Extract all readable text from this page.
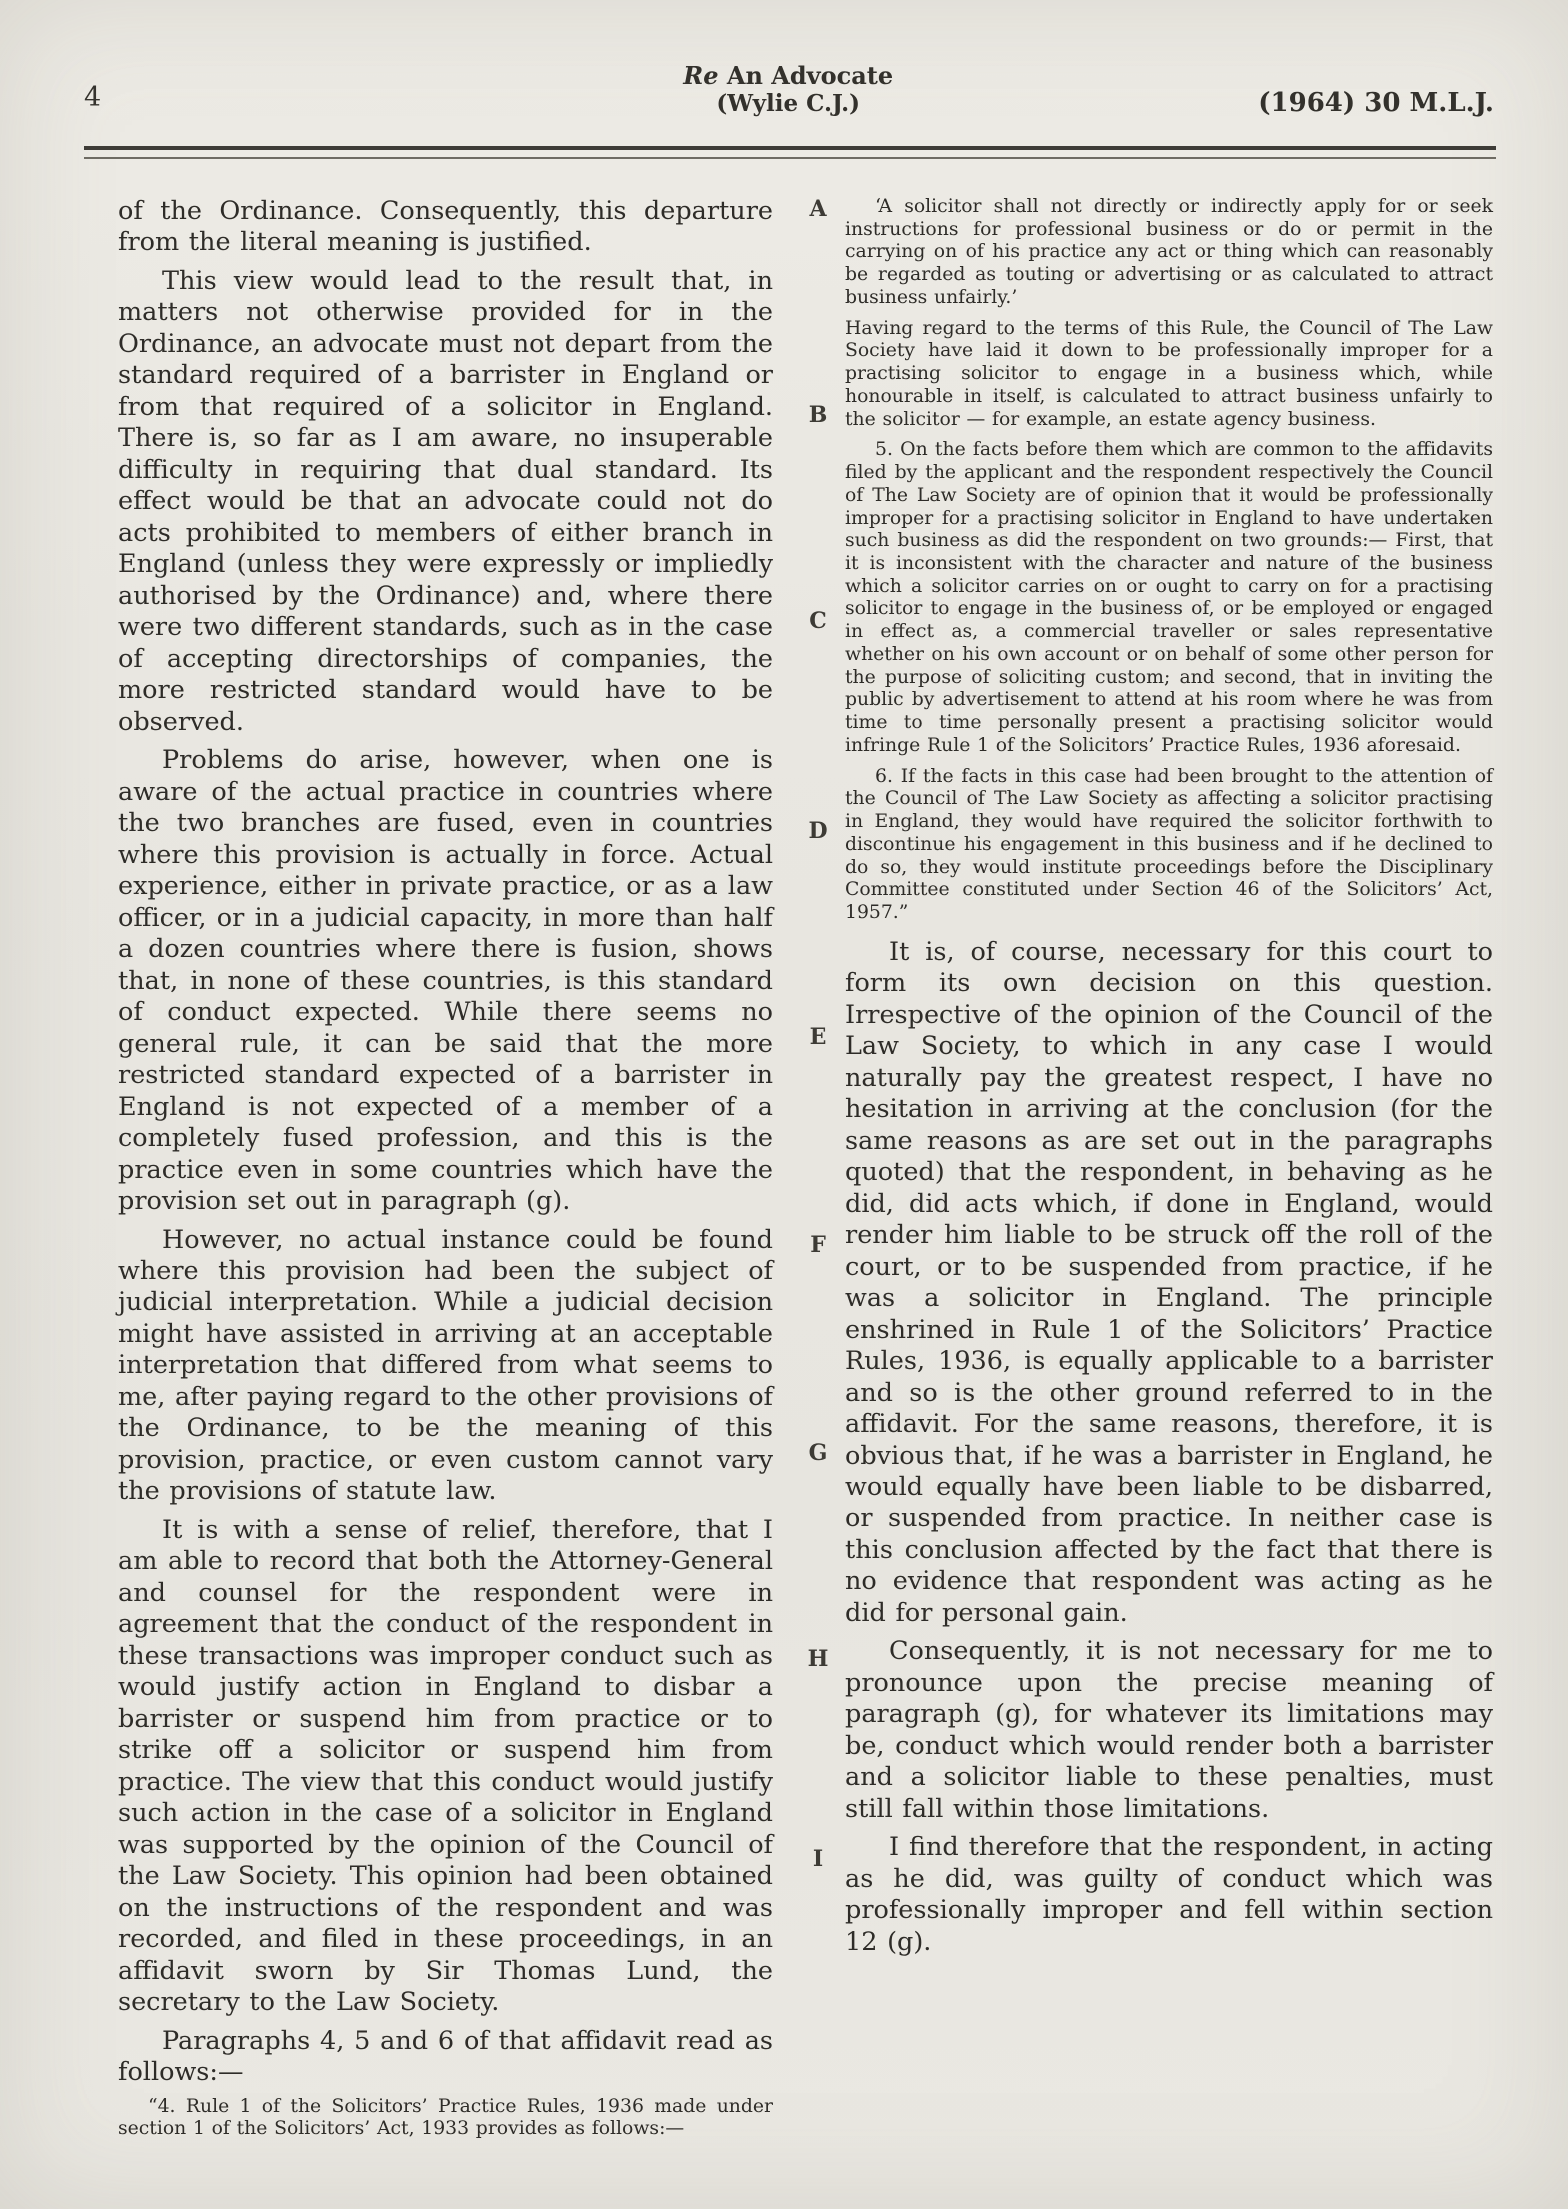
4
Re An Advocate
(Wylie C.J.)	(1964) 30 M.L.J.

of the Ordinance. Consequently, this departure from the literal meaning is justified.

This view would lead to the result that, in matters not otherwise provided for in the Ordinance, an advocate must not depart from the standard required of a barrister in England or from that required of a solicitor in England. There is, so far as I am aware, no insuperable difficulty in requiring that dual standard. Its effect would be that an advocate could not do acts prohibited to members of either branch in England (unless they were expressly or impliedly authorised by the Ordinance) and, where there were two different standards, such as in the case of accepting directorships of companies, the more restricted standard would have to be observed.

Problems do arise, however, when one is aware of the actual practice in countries where the two branches are fused, even in countries where this provision is actually in force. Actual experience, either in private practice, or as a law officer, or in a judicial capacity, in more than half a dozen countries where there is fusion, shows that, in none of these countries, is this standard of conduct expected. While there seems no general rule, it can be said that the more restricted standard expected of a barrister in England is not expected of a member of a completely fused profession, and this is the practice even in some countries which have the provision set out in paragraph (g).

However, no actual instance could be found where this provision had been the subject of judicial interpretation. While a judicial decision might have assisted in arriving at an acceptable interpretation that differed from what seems to me, after paying regard to the other provisions of the Ordinance, to be the meaning of this provision, practice, or even custom cannot vary the provisions of statute law.

It is with a sense of relief, therefore, that I am able to record that both the Attorney-General and counsel for the respondent were in agreement that the conduct of the respondent in these transactions was improper conduct such as would justify action in England to disbar a barrister or suspend him from practice or to strike off a solicitor or suspend him from practice. The view that this conduct would justify such action in the case of a solicitor in England was supported by the opinion of the Council of the Law Society. This opinion had been obtained on the instructions of the respondent and was recorded, and filed in these proceedings, in an affidavit sworn by Sir Thomas Lund, the secretary to the Law Society.

Paragraphs 4, 5 and 6 of that affidavit read as follows:—

“4. Rule 1 of the Solicitors’ Practice Rules, 1936 made under section 1 of the Solicitors’ Act, 1933 provides as follows:—

A
B
C
D
E
F
G
H
I

‘A solicitor shall not directly or indirectly apply for or seek instructions for professional business or do or permit in the carrying on of his practice any act or thing which can reasonably be regarded as touting or advertising or as calculated to attract business unfairly.’

Having regard to the terms of this Rule, the Council of The Law Society have laid it down to be professionally improper for a practising solicitor to engage in a business which, while honourable in itself, is calculated to attract business unfairly to the solicitor — for example, an estate agency business.

5. On the facts before them which are common to the affidavits filed by the applicant and the respondent respectively the Council of The Law Society are of opinion that it would be professionally improper for a practising solicitor in England to have undertaken such business as did the respondent on two grounds:— First, that it is inconsistent with the character and nature of the business which a solicitor carries on or ought to carry on for a practising solicitor to engage in the business of, or be employed or engaged in effect as, a commercial traveller or sales representative whether on his own account or on behalf of some other person for the purpose of soliciting custom; and second, that in inviting the public by advertisement to attend at his room where he was from time to time personally present a practising solicitor would infringe Rule 1 of the Solicitors’ Practice Rules, 1936 aforesaid.

6. If the facts in this case had been brought to the attention of the Council of The Law Society as affecting a solicitor practising in England, they would have required the solicitor forthwith to discontinue his engagement in this business and if he declined to do so, they would institute proceedings before the Disciplinary Committee constituted under Section 46 of the Solicitors’ Act, 1957.”

It is, of course, necessary for this court to form its own decision on this question. Irrespective of the opinion of the Council of the Law Society, to which in any case I would naturally pay the greatest respect, I have no hesitation in arriving at the conclusion (for the same reasons as are set out in the paragraphs quoted) that the respondent, in behaving as he did, did acts which, if done in England, would render him liable to be struck off the roll of the court, or to be suspended from practice, if he was a solicitor in England. The principle enshrined in Rule 1 of the Solicitors’ Practice Rules, 1936, is equally applicable to a barrister and so is the other ground referred to in the affidavit. For the same reasons, therefore, it is obvious that, if he was a barrister in England, he would equally have been liable to be disbarred, or suspended from practice. In neither case is this conclusion affected by the fact that there is no evidence that respondent was acting as he did for personal gain.

Consequently, it is not necessary for me to pronounce upon the precise meaning of paragraph (g), for whatever its limitations may be, conduct which would render both a barrister and a solicitor liable to these penalties, must still fall within those limitations.

I find therefore that the respondent, in acting as he did, was guilty of conduct which was professionally improper and fell within section 12 (g).
